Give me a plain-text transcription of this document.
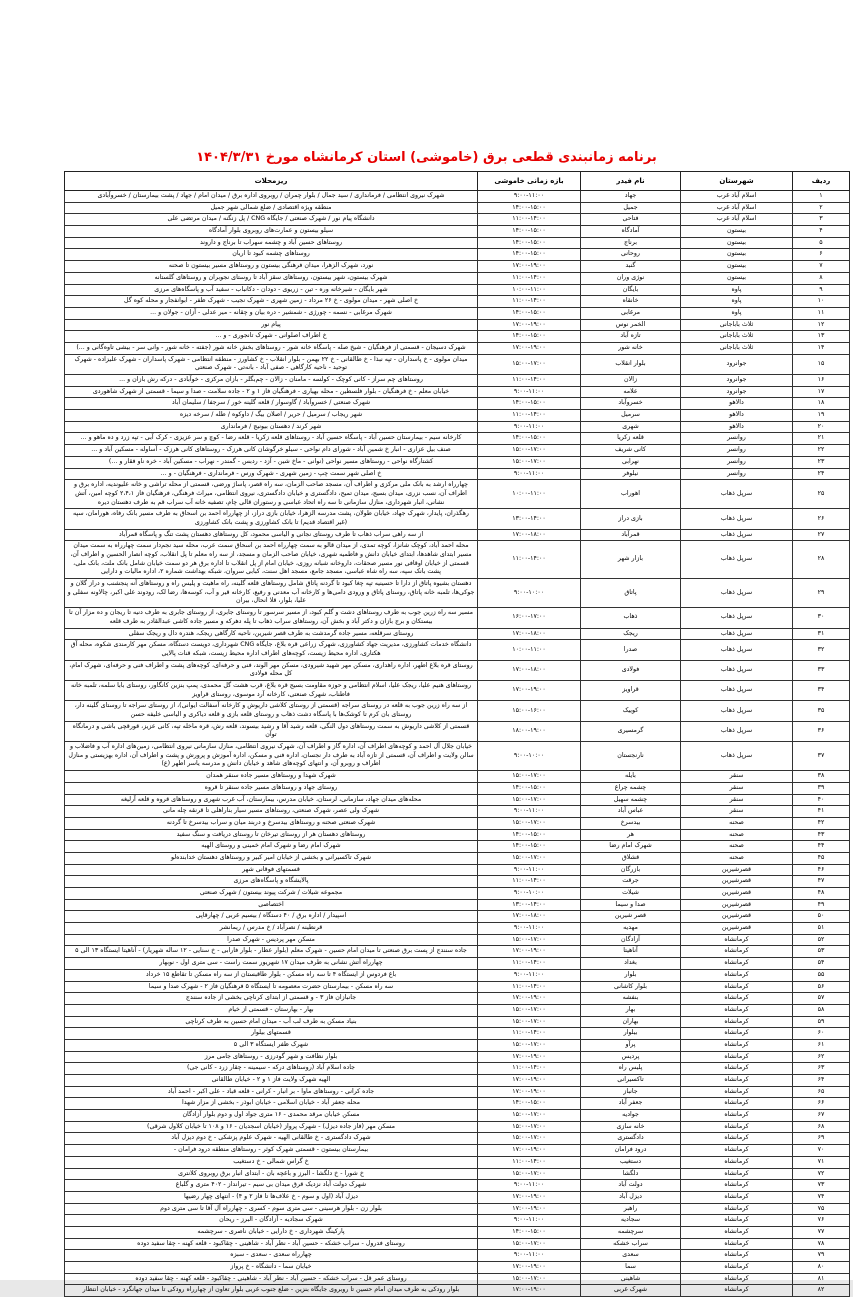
برنامه زمانبندی قطعی برق (خاموشی) استان کرمانشاه مورخ ۱۴۰۴/۳/۳۱
ردیف	شهرستان	نام فیدر	بازه زمانی خاموشی	ریزمحلات
۱	اسلام آباد غرب	جهاد	۹:۰۰-۱۱:۰۰	شهرک نیروی انتظامی / فرمانداری / سید جمال / بلوار چمران / روبروی اداره برق / میدان امام / جهاد / پشت بیمارستان / خسروآبادی
۲	اسلام آباد غرب	جمیل	۱۴:۰۰-۱۵:۰۰	منطقه ویژه اقتصادی / ضلع شمالی شهر جمیل
۳	اسلام آباد غرب	فتاحی	۱۱:۰۰-۱۴:۰۰	دانشگاه پیام نور / شهرک صنعتی / جایگاه CNG / پل زنگنه / میدان مرتضی علی
۴	بیستون	آمادگاه	۱۴:۰۰-۱۵:۰۰	سیلو بیستون و عمارت‌های روبروی بلوار آمادگاه
۵	بیستون	برناج	۱۴:۰۰-۱۵:۰۰	روستاهای حسین آباد و چشمه سهراب تا برناج و داروند
۶	بیستون	روحانی	۱۴:۰۰-۱۵:۰۰	روستاهای چشمه کبود تا اریان
۷	بیستون	گنبد	۱۷:۰۰-۱۹:۰۰	نورد، شهرک الزهرا، میدان فرهنگی بیستون و روستاهای مسیر بیستون تا صحنه
۸	بیستون	نوژی وران	۱۱:۰۰-۱۴:۰۰	شهرک بیستون، شهر بیستون، روستاهای سقز آباد تا روستای نجوبران و روستاهای گلستانه
۹	پاوه	بایگان	۱۰:۰۰-۱۱:۰۰	شهر بایگان - شیرخانه وره - تین - زریوی - دودان - دکانباب - سفید آب و پاسگاه‌های مرزی
۱۰	پاوه	خانقاه	۱۱:۰۰-۱۴:۰۰	خ اصلی شهر - میدان مولوی - خ ۲۶ مرداد - زمین شهری - شهرک نجیب - شهرک ظفر - ابوانفجار و محله کوه گل
۱۱	پاوه	مرغابی	۱۴:۰۰-۱۵:۰۰	شهرک مرغابی - نسمه - چورژی - شمشیر - دره بیان و چقانه - میر عدلی - آزان - جولان و ...
۱۲	ثلاث باباجانی	الخمر نوس	۱۷:۰۰-۱۹:۰۰	پیام نور
۱۳	ثلاث باباجانی	تازه آباد	۱۴:۰۰-۱۵:۰۰	خ اطراف اصلوانی - شهرک تانجوری - و ...
۱۴	ثلاث باباجانی	خانه شور	۱۷:۰۰-۱۹:۰۰	شهرک دسیجان - قسمتی از فرهنگیان - شیخ صله - پاسگاه خانه شور - روستاهای بخش خانه شور (جفته - خانه شور - وانی سر - بیشی تاوه‌گانی و ...)
۱۵	جوانرود	بلوار انقلاب	۱۵:۰۰-۱۷:۰۰	میدان مولوی - خ پاسداران - تپه نبذا - خ طالقانی - خ ۲۲ بهمن - بلوار انقلاب - خ کشاورز - منطقه انتظامی - شهرک پاسداران - شهرک علیزاده - شهرک توحید - ناحیه کارگاهی - صفی آباد - بانه‌تی - شهرک صنعتی
۱۶	جوانرود	زالان	۱۱:۰۰-۱۴:۰۰	روستاهای چم سراز - کانی کوچک - کولسه - مامنان - زالان - چم‌بگلر - بازان مرکزی - خوآبادی - درکه رش بازان و ...
۱۷	جوانرود	علامه	۹:۰۰-۱۱:۰۰	خیابان معلم - خ فرهنگیان - بلوار فلسطین - محله بهیاری - فرهنگیان فاز ۱ و ۲ - جاده سلامت - صدا و سیما - قسمتی از شهرک شاهوردی
۱۸	دالاهو	خسروآباد	۱۴:۰۰-۱۵:۰۰	شهرک صنعتی / خسروآباد / گاوسوار / قلعه گلینه خور / سرجفا / سلیمان آباد
۱۹	دالاهو	سرمیل	۱۱:۰۰-۱۴:۰۰	شهر ریجاب / سرمیل / حریر / اصلان بیگ / داوکوه / طله / سرخه دیزه
۲۰	دالاهو	شهری	۹:۰۰-۱۱:۰۰	شهر کرند / دهستان بیونیج / فرمانداری
۲۱	روانسر	قلعه زکریا	۱۴:۰۰-۱۵:۰۰	کارخانه سیم - بیمارستان حسین آباد - پاسگاه حسین آباد - روستاهای قلعه زکریا - قلعه رضا - کوچ و سر عزیزی - کرک آبی - تپه زرد و ده ماهو و ...
۲۲	روانسر	کانی شریف	۱۵:۰۰-۱۷:۰۰	صنف بیل عزاری - انبار خ شمین آباد - شورای دام نواحی - سیلو خرگوشان کانی هرزک - روستاهای کانی هرزک - آساوله - مسکین آباد و ...
۲۳	روانسر	نهرابی	۱۵:۰۰-۱۷:۰۰	کشتارگاه نواحی - روستاهای مسیر نواحی (نوانی - ماخ شین - آزد - ردبس - گمندر - نهراب - مسکین آباد - خره ناو فقار و ...)
۲۴	روانسر	نیلوفر	۹:۰۰-۱۱:۰۰	خ اصلی شهر سمت چپ - زمین شهری - شهرک ورس - فرمانداری - فرهنگیان - و ...
۲۵	سرپل ذهاب	اهوراب	۱۰:۰۰-۱۱:۰۰	چهارراه ارشد به بانک ملی مرکزی و اطراف آن، مسجد صاحب الزمان، سه راه قصر، پاساژ ورضی، قسمتی از محله تراشی و خانه علیوندیه، اداره برق و اطراف آن، نسب نزری، میدان بسیج، میدان تمیح، دادگستری و خیابان دادگستری، نیروی انتظامی، میراث فرهنگی، فرهنگیان فاز ۲،۴،۱ کوچه امین، آتش نشانی، انبار شهرداری، منازل سازمانی تا سه راه اتحاد عباسی و رستوران قالی چام، تصفیه خانه آب سراب قم به طرف دهستان دیره
۲۶	سرپل ذهاب	بازی دراز	۱۳:۰۰-۱۴:۰۰	رهگذران، پایدار، شهرک جهاد، خیابان طولان، پشت مدرسه الزهرا، خیابان بازی دراز، از چهارراه احمد بن اسحاق به طرف مسیر بانک رفاه، هورامان، سپه (غیر اقتصاد قدیم) تا بانک کشاورزی و پشت بانک کشاورزی
۲۷	سرپل ذهاب	قمرآباد	۱۷:۰۰-۱۸:۰۰	از سه راهی سراب ذهاب تا طرف روستای نجانی و الیاسی محمود، کل روستاهای دهستان پشت تنگ و پاسگاه قمرآباد
۲۸	سرپل ذهاب	بازار شهر	۱۱:۰۰-۱۴:۰۰	محله احمد آباد، کوچک شانزا، کوچه تمدی، از میدان قالو به سمت چهارراه احمد بن اسحاق سمت عرب، محله سید نجم‌دار سمت چهارراه به سمت میدان مسیر ابتدای شاهدها، ابتدای خیابان دانش و فاطمیه شهری، خیابان صاحب الزمان و مسجد، از سه راه معلم تا پل انقلاب، کوچه انصار الحسین و اطراف آن، قسمتی از خیابان اوقافی نور مسیر صحقات، داروخانه شبانه روزی، خیابان امام از پل انقلاب تا اداره برق هر دو سمت خیابان شامل بانک ملت، بانک ملی، پشت بانک سپه، سه راه شاه عباسی، مسجد جامع، مسجد اهل سنت، کبابی سروان، شبکه بهداشت شماره ۲، اداره مالیات و دارایی
۲۹	سرپل ذهاب	پاتاق	۹:۰۰-۱۰:۰۰	دهستان بشیوه پاتاق از دارا تا حسینیه تپه چغا کبود تا گردنه پاتاق شامل روستاهای قلعه گلینه، راه ماهیت و پلیس راه و روستاهای آنه پنجشنب و دراز گلان و جوکی‌ها، تلمبه خانه پاتاق، روستای پاتاق و ورودی دامی‌ها و کارخانه آب معدنی و رفیع، کارخانه قیر و آب، کوسه‌ها، رضا لک، رودوند علی اکبر، چالاونه سفلی و علیا، بلوار، قلا انحال، بیران
۳۰	سرپل ذهاب	ذهاب	۱۶:۰۰-۱۷:۰۰	مسیر سه راه زرین جوب به طرف روستاهای دشت و گلم کبود، از مسیر سرسور تا روستای جابری، از روستای جابری به طرف دنیه تا ریجان و ده مزار آن تا بیستکان و برج بازان و دکتر آباد و بخش آن، روستاهای سراب ذهاب تا پله دهرکه و مسیر جاده کاشی عبدالقادر به طرف قلعه
۳۱	سرپل ذهاب	ریجک	۱۷:۰۰-۱۸:۰۰	روستای سرقلعه، مسیر جاده گرمدشت به طرف قصر شیرین، ناحیه کارگاهی ریجک، هندره دال و ریجک سفلی
۳۲	سرپل ذهاب	صدرا	۱۰:۰۰-۱۱:۰۰	دانشگاه خدمات کشاورزی، مدیریت جهاد کشاورزی، شهرک زراعی قره بلاغ، جایگاه CNG شهرداری، دویست دستگاه، مسکن مهر کارمندی شکوه، محله آق هکتاری، اداره محیط زیست، کوچه‌های اطراف اداره محیط زیست، شبکه قنات پالایی
۳۳	سرپل ذهاب	فولادی	۱۷:۰۰-۱۸:۰۰	روستای قره بلاغ اطهر، اداره راهداری، مسکن مهر شهید شیرودی، مسکن مهر الوند، فنی و حرفه‌ای، کوچه‌های پشت و اطراف فنی و حرفه‌ای، شهرک امام، کل محله فولادی
۳۴	سرپل ذهاب	قراویز	۱۷:۰۰-۱۹:۰۰	روستاهای هنیم علیا، ریجک علیا، اسلام انتظامی و حوزه مقاومت بسیج قره بلاغ، قرب هشت گل محمدی، پمپ بنزین کانگاور، روستای بابا سلمه، تلمبه خانه فاطناب، شهرک صنعتی، کارخانه آرد موسوی، روستای قراویز
۳۵	سرپل ذهاب	کوییک	۱۵:۰۰-۱۶:۰۰	از سه راه زرین جوب به قلعه در روستای سراجه (قسمتی از روستای کلاشی داریوش و کارخانه آسفالت ایوانی)، از روستای سراجه تا روستای گلینه دار، روستای بان کرم تا کوشک‌ها با پاسگاه دشت ذهاب و روستای قلعه بازی و قلعه دیاکری و الیاسی خلیفه حسن
۳۶	سرپل ذهاب	گرمسیری	۱۸:۰۰-۱۹:۰۰	قسمتی از کلاشی داریوش به سمت روستاهای دول النگی، قلعه رشید آقا و رشید بیسوند، قلعه رش، قره ماخله تپه، کانی عزیز، قورقچی باشی و درمانگاه توآن
۳۷	سرپل ذهاب	نارنجستان	۹:۰۰-۱۰:۰۰	خیابان جلال آل احمد و کوچه‌های اطراف آن، اداره گاز و اطراف آن، شهرک نیروی انتظامی، منازل سازمانی نیروی انتظامی، زمین‌های اداره آب و فاضلاب و سالن ولایت و اطراف آن، قسمتی از تازه آباد به طرف دار نجسان، اداره فنی و مسکن، اداره آموزش و پرورش و پشت و اطراف آن، اداره بهزیستی و منازل اطراف و روبرو آن، و انتهای کوچه‌های شاهد و خیابان دانش و مدرسه یاسر اطهر (ع)
۳۸	سنقر	بایله	۱۵:۰۰-۱۷:۰۰	شهرک شهدا و روستاهای مسیر جاده سنقر همدان
۳۹	سنقر	چشمه چراغ	۱۴:۰۰-۱۵:۰۰	روستای جهاد و روستاهای مسیر جاده سنقر تا قروه
۴۰	سنقر	چشمه سهیل	۱۵:۰۰-۱۷:۰۰	محله‌های میدان جهاد، سازمانی، لرستان، خیابان مدرس، بیمارستان، آب غرب شهری و روستاهای قروه و قلعه آرلیغه
۴۱	سنقر	عباس آباد	۹:۰۰-۱۱:۰۰	شهرک ولی عصر، شهرک صنعتی، روستاهای مسیر سیار بناراهلی تا قرنقه چله مانی
۴۲	صحنه	بیدسرخ	۱۵:۰۰-۱۷:۰۰	شهرک صنعتی صحنه و روستاهای بیدسرخ و دربند میان و سراب بیدسرخ تا گردنه
۴۳	صحنه	هر	۱۴:۰۰-۱۵:۰۰	روستاهای دهستان هر از روستای تیرخان تا روستای دریافت و سنگ سفید
۴۴	صحنه	شهرک امام رضا	۱۴:۰۰-۱۵:۰۰	شهرک امام رضا و شهرک امام خمینی و روستای الهیه
۴۵	صحنه	قشلاق	۱۵:۰۰-۱۷:۰۰	شهرک تاکسیرانی و بخشی از خیابان امیر کبیر و روستاهای دهستان خدابنده‌لو
۴۶	قصرشیرین	بازرگان	۹:۰۰-۱۱:۰۰	قسمتهای فوقانی شهر
۴۷	قصرشیرین	جرقت	۱۱:۰۰-۱۴:۰۰	پالایشگاه و پاسگاه‌های مرزی
۴۸	قصرشیرین	شیلات	۹:۰۰-۱۰:۰۰	مجموعه شیلات / شرکت پیوند بیستون / شهرک صنعتی
۴۹	قصرشیرین	صدا و سیما	۱۳:۰۰-۱۴:۰۰	اختصاصی
۵۰	قصرشیرین	قصر شیرین	۱۷:۰۰-۱۸:۰۰	اسپیدار / اداره برق / ۴۰ دستگاه / بیسیم غربی / چهارقاپی
۵۱	قصرشیرین	مهدیه	۹:۰۰-۱۱:۰۰	قرنطینه / نصرآباد / خ مدرس / ریمانشر
۵۲	کرمانشاه	آزادگان	۱۵:۰۰-۱۷:۰۰	مسکن مهر پردیس - شهرک صدرا
۵۳	کرمانشاه	آناهیتا	۱۷:۰۰-۱۹:۰۰	جاده سنندج از پست برق صنعتی تا میدان امام حسین - شهرک معلم (بلوار عطار - بلوار فارابی - خ سنایی - ۱۲ ساله شهریار) - آناهیتا ایستگاه ۱۳ الی ۵
۵۴	کرمانشاه	بغداد	۱۱:۰۰-۱۴:۰۰	چهارراه آتش نشانی به طرف میدان ۱۷ شهریور سمت راست - سی متری اول - نوبهار
۵۵	کرمانشاه	بلوار	۹:۰۰-۱۱:۰۰	باغ فردوس از ایستگاه ۴ تا سه راه مسکن - بلوار طاقبستان از سه راه مسکن تا تقاطع ۱۵ خرداد
۵۶	کرمانشاه	بلوار کاشانی	۱۱:۰۰-۱۴:۰۰	سه راه مسکن - بیمارستان حضرت معصومه تا ایستگاه ۵ فرهنگیان فاز ۲ - شهرک صدا و سیما
۵۷	کرمانشاه	بنفشه	۱۷:۰۰-۱۹:۰۰	جانبازان فاز ۳ - و قسمتی از ابتدای کرناچی بخشی از جاده سنندج
۵۸	کرمانشاه	بهار	۱۵:۰۰-۱۷:۰۰	بهار - بهارستان - قسمتی از خیام
۵۹	کرمانشاه	بهاران	۱۵:۰۰-۱۷:۰۰	بنیاد مسکن به طرف لب آب - میدان امام حسین به طرف کرناچی
۶۰	کرمانشاه	بیلوار	۱۱:۰۰-۱۴:۰۰	قسمتهای بیلوار
۶۱	کرمانشاه	پرآو	۱۵:۰۰-۱۷:۰۰	شهرک ظفر ایستگاه ۳ الی ۵
۶۲	کرمانشاه	پردیس	۱۷:۰۰-۱۹:۰۰	بلوار نظافت و شهر گودرزی - روستاهای جامی مرز
۶۳	کرمانشاه	پلیس راه	۱۱:۰۰-۱۴:۰۰	جاده اسلام آباد (روستاهای درکه - سیمینه - چقار زرد - کانی جی)
۶۴	کرمانشاه	تاکسیرانی	۱۷:۰۰-۱۹:۰۰	الهیه شهرک ولایت فاز ۱ و ۲ - خیابان طالقانی
۶۵	کرمانشاه	جانباز	۱۷:۰۰-۱۹:۰۰	جاده کرانی - روستاهای ماوا - بر انبار - کرانی - قلعه قباد - علی اکبر - احمد آباد
۶۶	کرمانشاه	جعفر آباد	۱۴:۰۰-۱۵:۰۰	محله جعفر آباد - خیابان اسلامی - خیابان ابوذر - بخشی از مزار شهدا
۶۷	کرمانشاه	جوادیه	۱۵:۰۰-۱۷:۰۰	مسکن خیابان مرقد محمدی - ۱۶ متری جواد اول و دوم بلوار آزادگان
۶۸	کرمانشاه	خانه سازی	۱۵:۰۰-۱۷:۰۰	مسکن مهر (فاز جاده دیزل) - شهرک پرواز (خیابان اسجدیان - ۱۶ و ۱۰۸ تا خیابان کلاول شرقی)
۶۹	کرمانشاه	دادگستری	۱۵:۰۰-۱۷:۰۰	شهرک دادگستری - خ طالقانی الهیه - شهرک علوم پزشکی - خ دوم دیزل آباد
۷۰	کرمانشاه	درود فرامان	۱۷:۰۰-۱۹:۰۰	بیمارستان بیستون - قسمتی شهرک کوثر - روستاهای منطقه درود فرامان -
۷۱	کرمانشاه	دستغیب	۱۱:۰۰-۱۴:۰۰	خ گراس شمالی - خ دستغیب
۷۲	کرمانشاه	دلگشا	۱۵:۰۰-۱۷:۰۰	خ شورا - خ دلگشا - البرز و باغچه بان - ابتدای انبار برق روبروی کلانتری
۷۳	کرمانشاه	دولت آباد	۹:۰۰-۱۱:۰۰	شهرک دولت آباد نزدیک قرق میدان بی سیم - تیرانداز - ۴۰۲ متری و گلباغ
۷۴	کرمانشاه	دیزل آباد	۱۷:۰۰-۱۹:۰۰	دیزل آباد (اول و سوم - خ علاف‌ها تا فاز ۲ و ۴) - انتهای چهار رضیها
۷۵	کرمانشاه	راهبر	۱۷:۰۰-۱۹:۰۰	بلوار زن - بلوار هرسینی - سی متری سوم - کسری - چهارراه آل آقا تا سی متری دوم
۷۶	کرمانشاه	سجادیه	۹:۰۰-۱۱:۰۰	شهرک سجادیه - آزادگان - البرز - ریحان
۷۷	کرمانشاه	سرچشمه	۱۴:۰۰-۱۵:۰۰	پارکینگ شهرداری - خ دارایی - خیابان ناصری - سرچشمه
۷۸	کرمانشاه	سراب خشکه	۱۵:۰۰-۱۷:۰۰	روستای فدرول - سراب خشکه - حسین آباد - نظر آباد - شاهینی - چقاکبود - قلعه کهنه - چقا سفید دوده
۷۹	کرمانشاه	سعدی	۹:۰۰-۱۱:۰۰	چهارراه سعدی - سعدی - سبزه
۸۰	کرمانشاه	سما	۱۷:۰۰-۱۹:۰۰	خیابان سما - دانشگاه - خ پرواز
۸۱	کرمانشاه	شاهینی	۱۵:۰۰-۱۷:۰۰	روستای عمر قل - سراب خشکه - حسین آباد - نظر آباد - شاهینی - چقاکبود - قلعه کهنه - چقا سفید دوده
۸۲	کرمانشاه	شهرک غربی	۱۷:۰۰-۱۹:۰۰	بلوار رودکی به طرف میدان امام حسین تا روبروی جایگاه بنزین - ضلع جنوب غربی بلوار تعاون از چهارراه رودکی تا میدان جهانگرد - خیابان انتظار
